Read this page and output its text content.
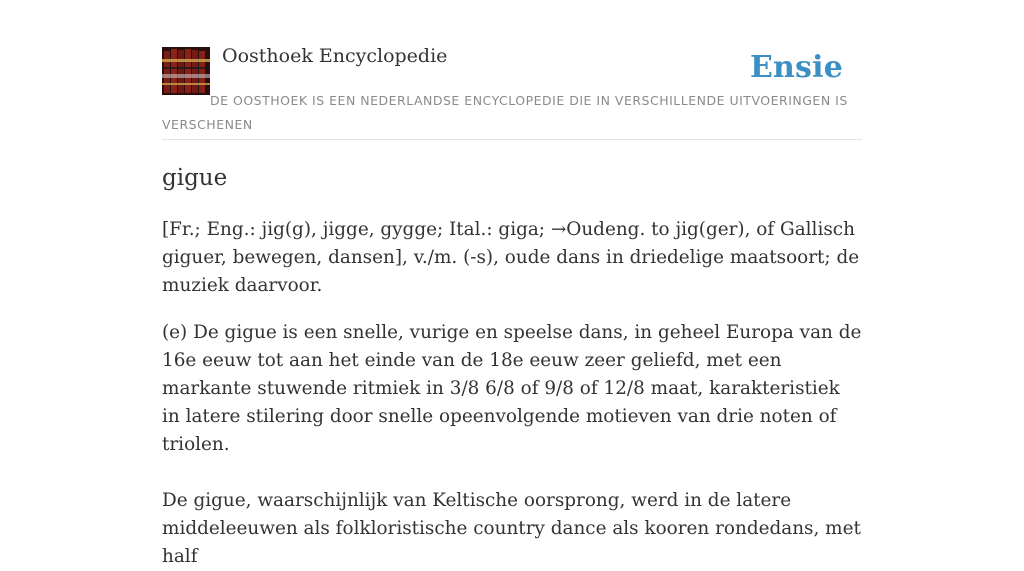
Oosthoek Encyclopedie	Ensie
DE OOSTHOEK IS EEN NEDERLANDSE ENCYCLOPEDIE DIE IN VERSCHILLENDE UITVOERINGEN IS VERSCHENEN
gigue

[Fr.; Eng.: jig(g), jigge, gygge; Ital.: giga; →Oudeng. to jig(ger), of Gallisch giguer, bewegen, dansen], v./m. (-s), oude dans in driedelige maatsoort; de muziek daarvoor.

(e) De gigue is een snelle, vurige en speelse dans, in geheel Europa van de 16e eeuw tot aan het einde van de 18e eeuw zeer geliefd, met een markante stuwende ritmiek in 3/8 6/8 of 9/8 of 12/8 maat, karakteristiek in latere stilering door snelle opeenvolgende motieven van drie noten of triolen.

De gigue, waarschijnlijk van Keltische oorsprong, werd in de latere middeleeuwen als folkloristische country dance als kooren rondedans, met half
